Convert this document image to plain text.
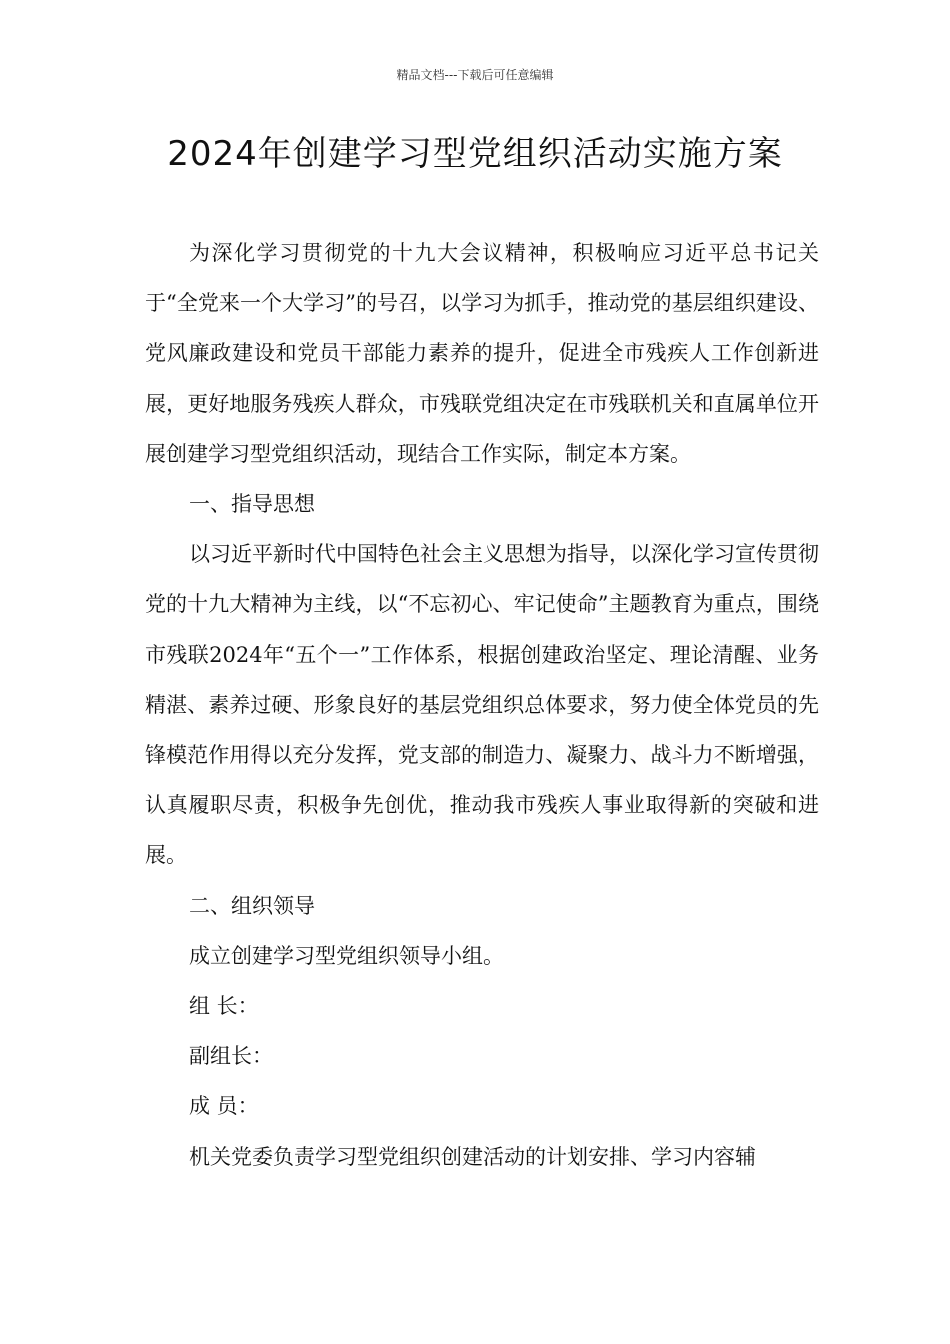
精品文档---下载后可任意编辑
2024年创建学习型党组织活动实施方案

为深化学习贯彻党的十九大会议精神，积极响应习近平总书记关于“全党来一个大学习”的号召，以学习为抓手，推动党的基层组织建设、党风廉政建设和党员干部能力素养的提升，促进全市残疾人工作创新进展，更好地服务残疾人群众，市残联党组决定在市残联机关和直属单位开展创建学习型党组织活动，现结合工作实际，制定本方案。

一、指导思想

以习近平新时代中国特色社会主义思想为指导，以深化学习宣传贯彻党的十九大精神为主线，以“不忘初心、牢记使命”主题教育为重点，围绕市残联2024年“五个一”工作体系，根据创建政治坚定、理论清醒、业务精湛、素养过硬、形象良好的基层党组织总体要求，努力使全体党员的先锋模范作用得以充分发挥，党支部的制造力、凝聚力、战斗力不断增强，认真履职尽责，积极争先创优，推动我市残疾人事业取得新的突破和进展。

二、组织领导

成立创建学习型党组织领导小组。

组 长：

副组长：

成 员：

机关党委负责学习型党组织创建活动的计划安排、学习内容辅
